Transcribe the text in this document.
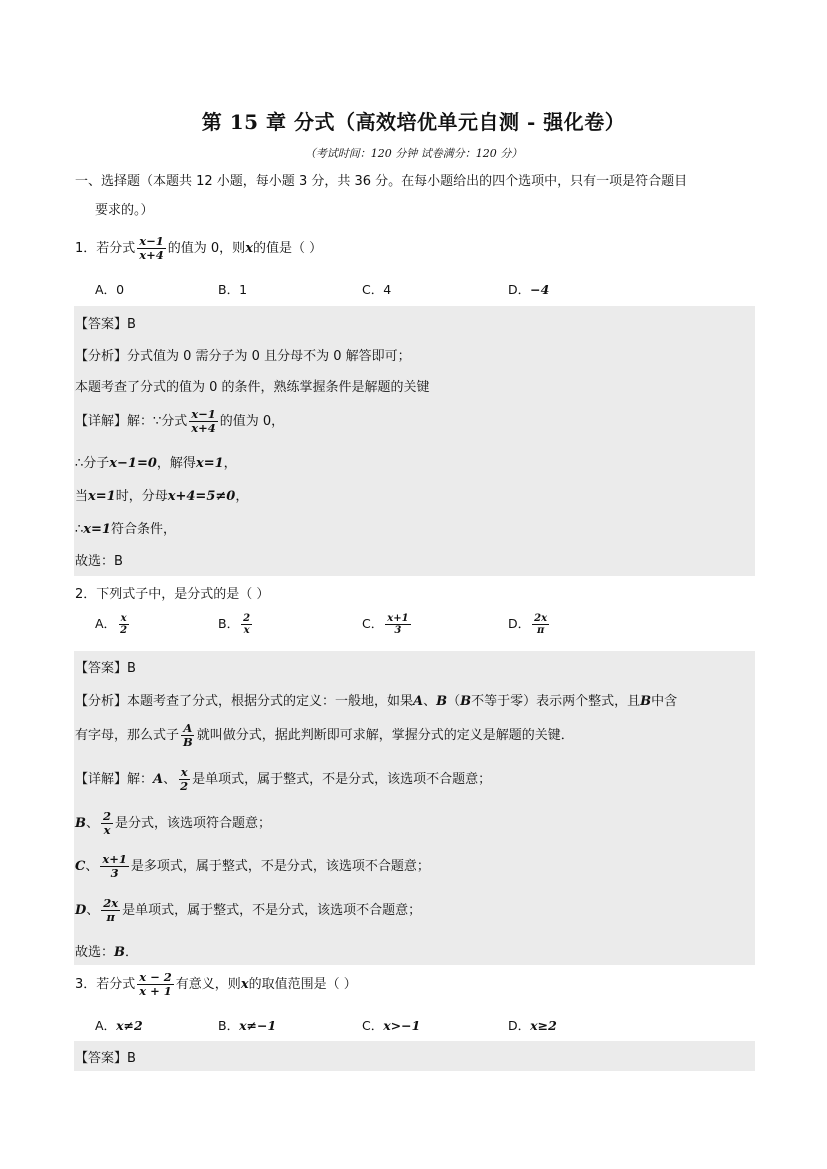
第 15 章 分式（高效培优单元自测 - 强化卷）
（考试时间：120 分钟 试卷满分：120 分）
一、选择题（本题共 12 小题，每小题 3 分，共 36 分。在每小题给出的四个选项中，只有一项是符合题目
要求的。）
1．若分式 $\frac{x-1}{x+4}$ 的值为 0，则x的值是（ ）
A．0	B．1	C．4	D．−4
【答案】B
【分析】分式值为 0 需分子为 0 且分母不为 0 解答即可；
本题考查了分式的值为 0 的条件，熟练掌握条件是解题的关键
【详解】解：∵分式 $\frac{x-1}{x+4}$ 的值为 0，
∴分子x−1=0，解得x=1，
当x=1时，分母x+4=5≠0，
∴x=1符合条件，
故选：B
2．下列式子中，是分式的是（ ）
A． $\frac{x}{2}$	B． $\frac{2}{x}$	C． $\frac{x+1}{3}$	D． $\frac{2x}{\pi}$
【答案】B
【分析】本题考查了分式，根据分式的定义：一般地，如果A、B（B不等于零）表示两个整式，且B中含
有字母，那么式子 $\frac{A}{B}$ 就叫做分式，据此判断即可求解，掌握分式的定义是解题的关键．
【详解】解：A、 $\frac{x}{2}$ 是单项式，属于整式，不是分式，该选项不合题意；
B、 $\frac{2}{x}$ 是分式，该选项符合题意；
C、 $\frac{x+1}{3}$ 是多项式，属于整式，不是分式，该选项不合题意；
D、 $\frac{2x}{\pi}$ 是单项式，属于整式，不是分式，该选项不合题意；
故选：B．
3．若分式 $\frac{x - 2}{x + 1}$ 有意义，则x的取值范围是（ ）
A．x≠2	B．x≠−1	C．x>−1	D．x≥2
【答案】B
